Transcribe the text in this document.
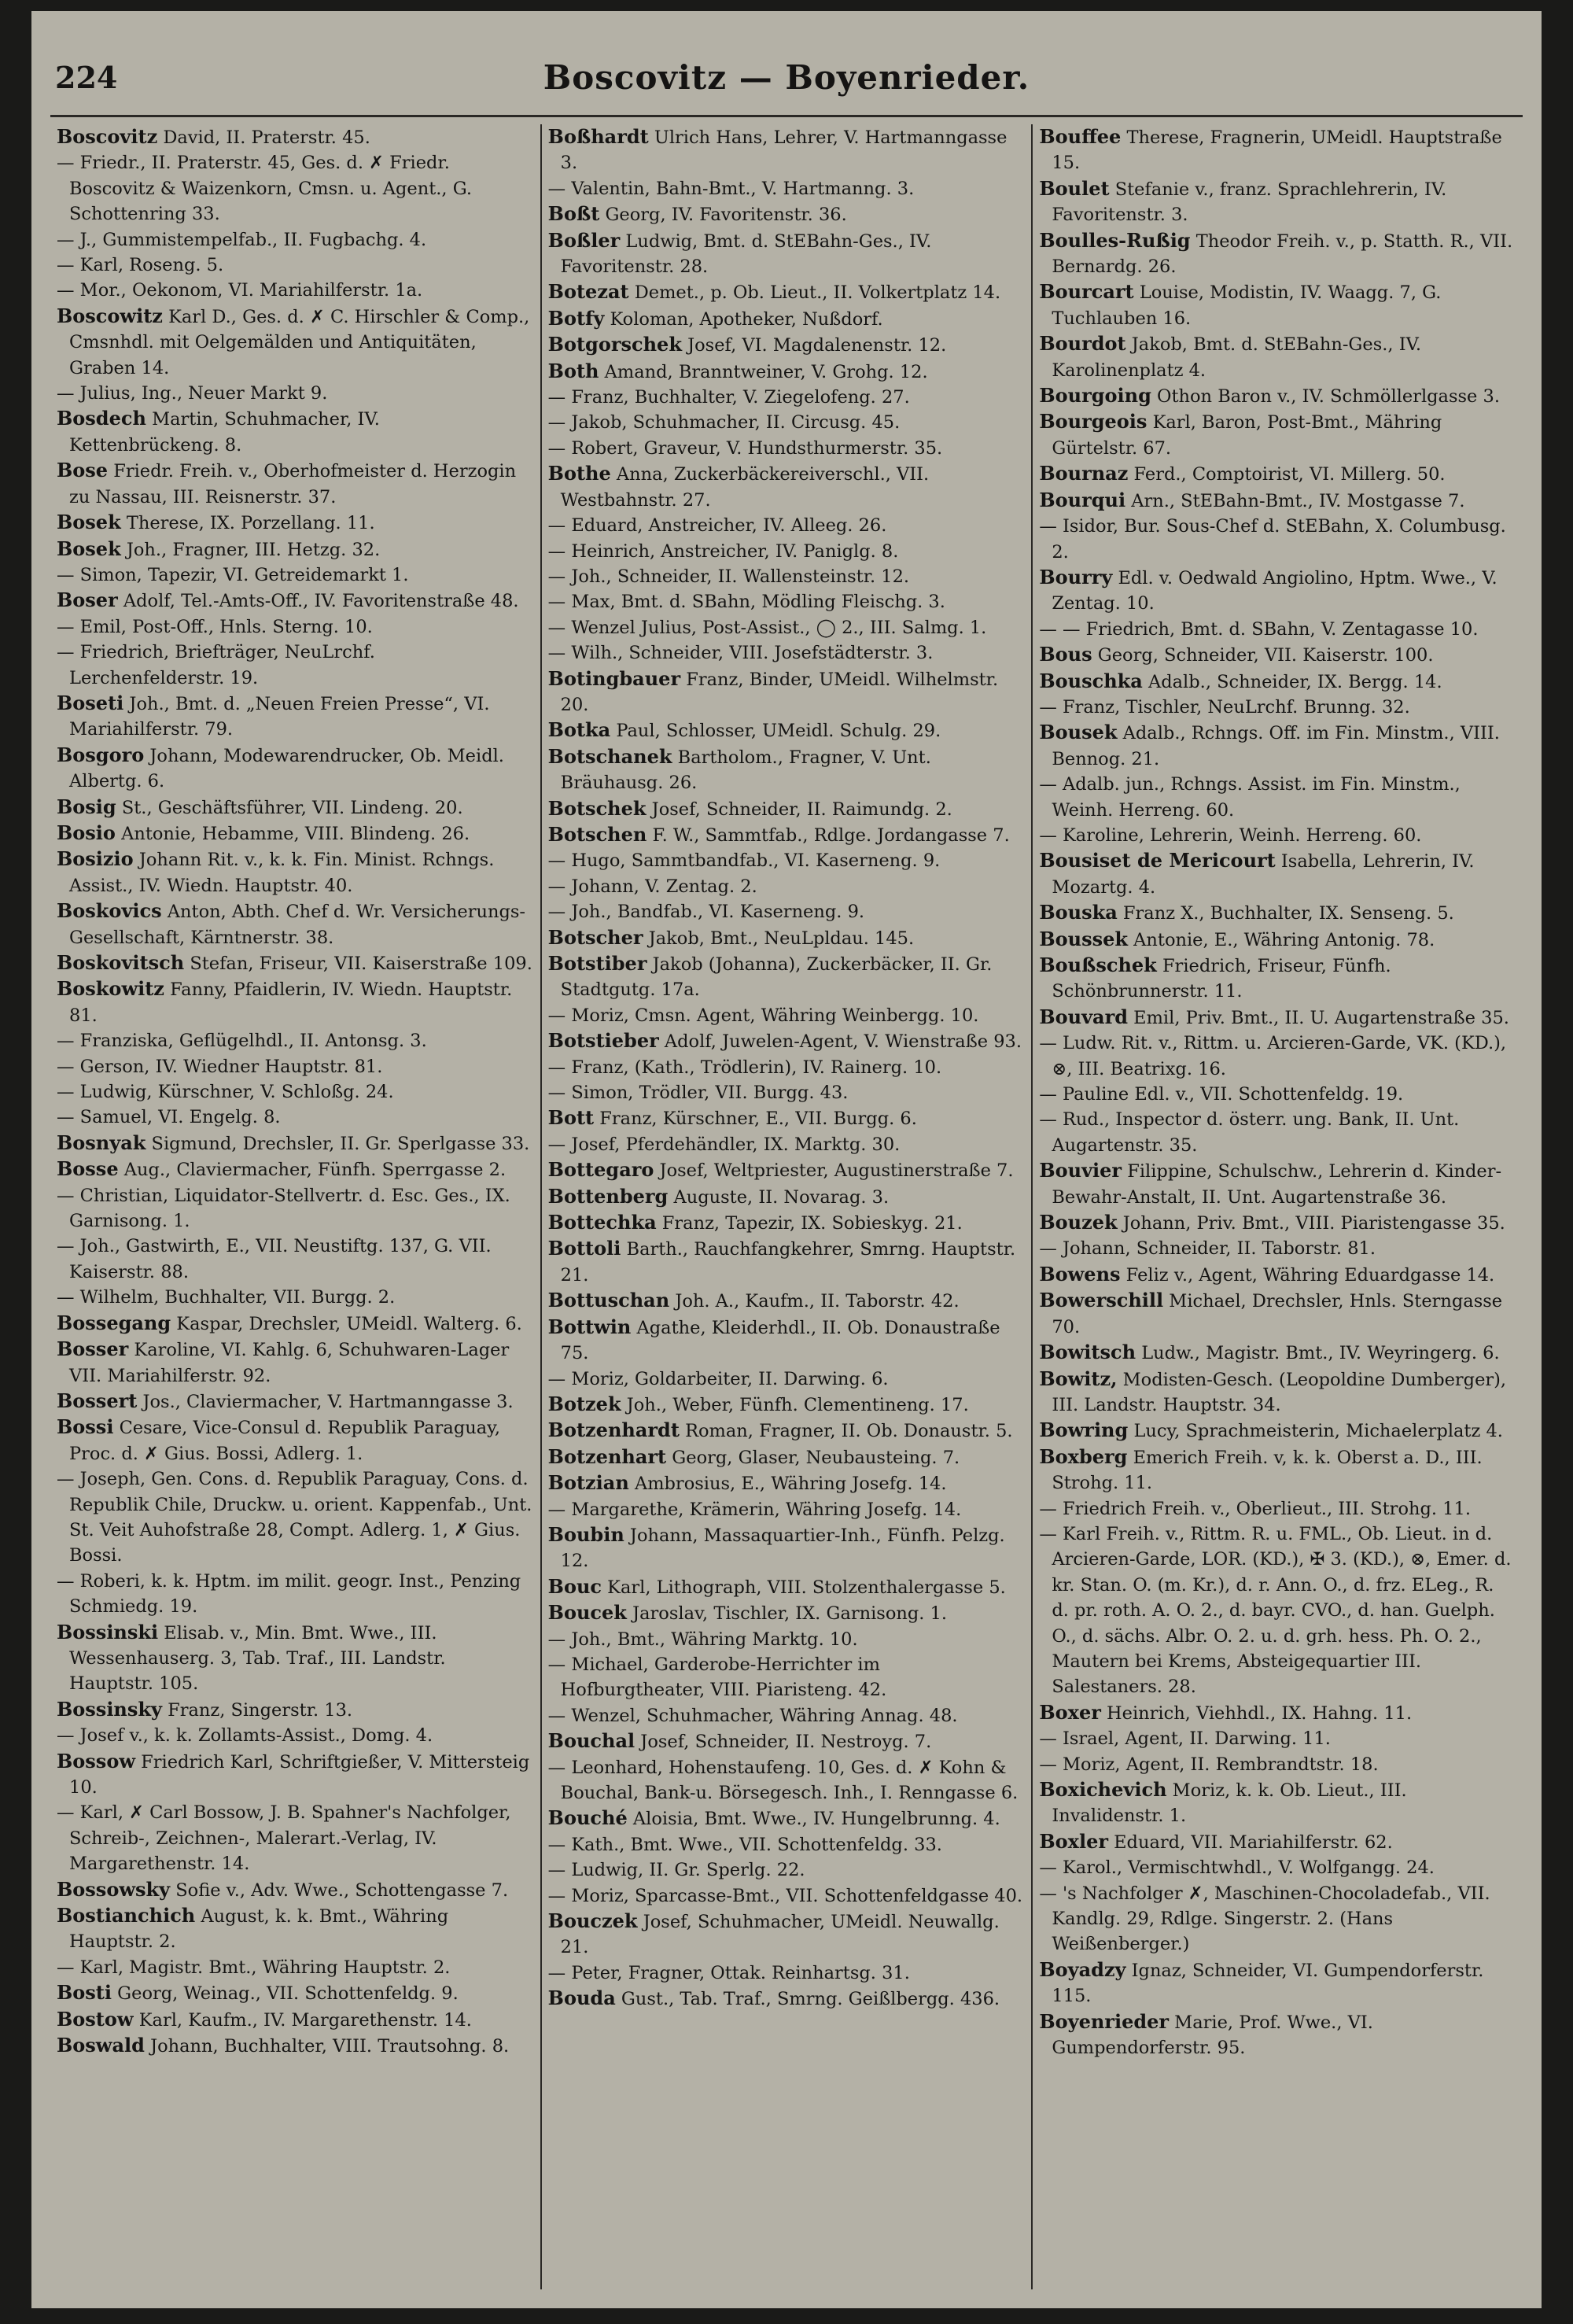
224	Boscovitz — Boyenrieder.
Boscovitz David, II. Praterstr. 45.
— Friedr., II. Praterstr. 45, Ges. d. ✗ Friedr. Boscovitz & Waizenkorn, Cmsn. u. Agent., G. Schottenring 33.
— J., Gummistempelfab., II. Fugbachg. 4.
— Karl, Roseng. 5.
— Mor., Oekonom, VI. Mariahilferstr. 1a.
Boscowitz Karl D., Ges. d. ✗ C. Hirschler & Comp., Cmsnhdl. mit Oelgemälden und Antiquitäten, Graben 14.
— Julius, Ing., Neuer Markt 9.
Bosdech Martin, Schuhmacher, IV. Kettenbrückeng. 8.
Bose Friedr. Freih. v., Oberhofmeister d. Herzogin zu Nassau, III. Reisnerstr. 37.
Bosek Therese, IX. Porzellang. 11.
Bosek Joh., Fragner, III. Hetzg. 32.
— Simon, Tapezir, VI. Getreidemarkt 1.
Boser Adolf, Tel.-Amts-Off., IV. Favoritenstraße 48.
— Emil, Post-Off., Hnls. Sterng. 10.
— Friedrich, Briefträger, NeuLrchf. Lerchenfelderstr. 19.
Boseti Joh., Bmt. d. „Neuen Freien Presse“, VI. Mariahilferstr. 79.
Bosgoro Johann, Modewarendrucker, Ob. Meidl. Albertg. 6.
Bosig St., Geschäftsführer, VII. Lindeng. 20.
Bosio Antonie, Hebamme, VIII. Blindeng. 26.
Bosizio Johann Rit. v., k. k. Fin. Minist. Rchngs. Assist., IV. Wiedn. Hauptstr. 40.
Boskovics Anton, Abth. Chef d. Wr. Versicherungs-Gesellschaft, Kärntnerstr. 38.
Boskovitsch Stefan, Friseur, VII. Kaiserstraße 109.
Boskowitz Fanny, Pfaidlerin, IV. Wiedn. Hauptstr. 81.
— Franziska, Geflügelhdl., II. Antonsg. 3.
— Gerson, IV. Wiedner Hauptstr. 81.
— Ludwig, Kürschner, V. Schloßg. 24.
— Samuel, VI. Engelg. 8.
Bosnyak Sigmund, Drechsler, II. Gr. Sperlgasse 33.
Bosse Aug., Claviermacher, Fünfh. Sperrgasse 2.
— Christian, Liquidator-Stellvertr. d. Esc. Ges., IX. Garnisong. 1.
— Joh., Gastwirth, E., VII. Neustiftg. 137, G. VII. Kaiserstr. 88.
— Wilhelm, Buchhalter, VII. Burgg. 2.
Bossegang Kaspar, Drechsler, UMeidl. Walterg. 6.
Bosser Karoline, VI. Kahlg. 6, Schuhwaren-Lager VII. Mariahilferstr. 92.
Bossert Jos., Claviermacher, V. Hartmanngasse 3.
Bossi Cesare, Vice-Consul d. Republik Paraguay, Proc. d. ✗ Gius. Bossi, Adlerg. 1.
— Joseph, Gen. Cons. d. Republik Paraguay, Cons. d. Republik Chile, Druckw. u. orient. Kappenfab., Unt. St. Veit Auhofstraße 28, Compt. Adlerg. 1, ✗ Gius. Bossi.
— Roberi, k. k. Hptm. im milit. geogr. Inst., Penzing Schmiedg. 19.
Bossinski Elisab. v., Min. Bmt. Wwe., III. Wessenhauserg. 3, Tab. Traf., III. Landstr. Hauptstr. 105.
Bossinsky Franz, Singerstr. 13.
— Josef v., k. k. Zollamts-Assist., Domg. 4.
Bossow Friedrich Karl, Schriftgießer, V. Mittersteig 10.
— Karl, ✗ Carl Bossow, J. B. Spahner's Nachfolger, Schreib-, Zeichnen-, Malerart.-Verlag, IV. Margarethenstr. 14.
Bossowsky Sofie v., Adv. Wwe., Schottengasse 7.
Bostianchich August, k. k. Bmt., Währing Hauptstr. 2.
— Karl, Magistr. Bmt., Währing Hauptstr. 2.
Bosti Georg, Weinag., VII. Schottenfeldg. 9.
Bostow Karl, Kaufm., IV. Margarethenstr. 14.
Boswald Johann, Buchhalter, VIII. Trautsohng. 8.
Boßhardt Ulrich Hans, Lehrer, V. Hartmanngasse 3.
— Valentin, Bahn-Bmt., V. Hartmanng. 3.
Boßt Georg, IV. Favoritenstr. 36.
Boßler Ludwig, Bmt. d. StEBahn-Ges., IV. Favoritenstr. 28.
Botezat Demet., p. Ob. Lieut., II. Volkertplatz 14.
Botfy Koloman, Apotheker, Nußdorf.
Botgorschek Josef, VI. Magdalenenstr. 12.
Both Amand, Branntweiner, V. Grohg. 12.
— Franz, Buchhalter, V. Ziegelofeng. 27.
— Jakob, Schuhmacher, II. Circusg. 45.
— Robert, Graveur, V. Hundsthurmerstr. 35.
Bothe Anna, Zuckerbäckereiverschl., VII. Westbahnstr. 27.
— Eduard, Anstreicher, IV. Alleeg. 26.
— Heinrich, Anstreicher, IV. Paniglg. 8.
— Joh., Schneider, II. Wallensteinstr. 12.
— Max, Bmt. d. SBahn, Mödling Fleischg. 3.
— Wenzel Julius, Post-Assist., ◯ 2., III. Salmg. 1.
— Wilh., Schneider, VIII. Josefstädterstr. 3.
Botingbauer Franz, Binder, UMeidl. Wilhelmstr. 20.
Botka Paul, Schlosser, UMeidl. Schulg. 29.
Botschanek Bartholom., Fragner, V. Unt. Bräuhausg. 26.
Botschek Josef, Schneider, II. Raimundg. 2.
Botschen F. W., Sammtfab., Rdlge. Jordangasse 7.
— Hugo, Sammtbandfab., VI. Kaserneng. 9.
— Johann, V. Zentag. 2.
— Joh., Bandfab., VI. Kaserneng. 9.
Botscher Jakob, Bmt., NeuLpldau. 145.
Botstiber Jakob (Johanna), Zuckerbäcker, II. Gr. Stadtgutg. 17a.
— Moriz, Cmsn. Agent, Währing Weinbergg. 10.
Botstieber Adolf, Juwelen-Agent, V. Wienstraße 93.
— Franz, (Kath., Trödlerin), IV. Rainerg. 10.
— Simon, Trödler, VII. Burgg. 43.
Bott Franz, Kürschner, E., VII. Burgg. 6.
— Josef, Pferdehändler, IX. Marktg. 30.
Bottegaro Josef, Weltpriester, Augustinerstraße 7.
Bottenberg Auguste, II. Novarag. 3.
Bottechka Franz, Tapezir, IX. Sobieskyg. 21.
Bottoli Barth., Rauchfangkehrer, Smrng. Hauptstr. 21.
Bottuschan Joh. A., Kaufm., II. Taborstr. 42.
Bottwin Agathe, Kleiderhdl., II. Ob. Donaustraße 75.
— Moriz, Goldarbeiter, II. Darwing. 6.
Botzek Joh., Weber, Fünfh. Clementineng. 17.
Botzenhardt Roman, Fragner, II. Ob. Donaustr. 5.
Botzenhart Georg, Glaser, Neubausteing. 7.
Botzian Ambrosius, E., Währing Josefg. 14.
— Margarethe, Krämerin, Währing Josefg. 14.
Boubin Johann, Massaquartier-Inh., Fünfh. Pelzg. 12.
Bouc Karl, Lithograph, VIII. Stolzenthalergasse 5.
Boucek Jaroslav, Tischler, IX. Garnisong. 1.
— Joh., Bmt., Währing Marktg. 10.
— Michael, Garderobe-Herrichter im Hofburgtheater, VIII. Piaristeng. 42.
— Wenzel, Schuhmacher, Währing Annag. 48.
Bouchal Josef, Schneider, II. Nestroyg. 7.
— Leonhard, Hohenstaufeng. 10, Ges. d. ✗ Kohn & Bouchal, Bank-u. Börsegesch. Inh., I. Renngasse 6.
Bouché Aloisia, Bmt. Wwe., IV. Hungelbrunng. 4.
— Kath., Bmt. Wwe., VII. Schottenfeldg. 33.
— Ludwig, II. Gr. Sperlg. 22.
— Moriz, Sparcasse-Bmt., VII. Schottenfeldgasse 40.
Bouczek Josef, Schuhmacher, UMeidl. Neuwallg. 21.
— Peter, Fragner, Ottak. Reinhartsg. 31.
Bouda Gust., Tab. Traf., Smrng. Geißlbergg. 436.
Bouffee Therese, Fragnerin, UMeidl. Hauptstraße 15.
Boulet Stefanie v., franz. Sprachlehrerin, IV. Favoritenstr. 3.
Boulles-Rußig Theodor Freih. v., p. Statth. R., VII. Bernardg. 26.
Bourcart Louise, Modistin, IV. Waagg. 7, G. Tuchlauben 16.
Bourdot Jakob, Bmt. d. StEBahn-Ges., IV. Karolinenplatz 4.
Bourgoing Othon Baron v., IV. Schmöllerlgasse 3.
Bourgeois Karl, Baron, Post-Bmt., Mähring Gürtelstr. 67.
Bournaz Ferd., Comptoirist, VI. Millerg. 50.
Bourqui Arn., StEBahn-Bmt., IV. Mostgasse 7.
— Isidor, Bur. Sous-Chef d. StEBahn, X. Columbusg. 2.
Bourry Edl. v. Oedwald Angiolino, Hptm. Wwe., V. Zentag. 10.
— — Friedrich, Bmt. d. SBahn, V. Zentagasse 10.
Bous Georg, Schneider, VII. Kaiserstr. 100.
Bouschka Adalb., Schneider, IX. Bergg. 14.
— Franz, Tischler, NeuLrchf. Brunng. 32.
Bousek Adalb., Rchngs. Off. im Fin. Minstm., VIII. Bennog. 21.
— Adalb. jun., Rchngs. Assist. im Fin. Minstm., Weinh. Herreng. 60.
— Karoline, Lehrerin, Weinh. Herreng. 60.
Bousiset de Mericourt Isabella, Lehrerin, IV. Mozartg. 4.
Bouska Franz X., Buchhalter, IX. Senseng. 5.
Boussek Antonie, E., Währing Antonig. 78.
Boußschek Friedrich, Friseur, Fünfh. Schönbrunnerstr. 11.
Bouvard Emil, Priv. Bmt., II. U. Augartenstraße 35.
— Ludw. Rit. v., Rittm. u. Arcieren-Garde, VK. (KD.), ⊗, III. Beatrixg. 16.
— Pauline Edl. v., VII. Schottenfeldg. 19.
— Rud., Inspector d. österr. ung. Bank, II. Unt. Augartenstr. 35.
Bouvier Filippine, Schulschw., Lehrerin d. Kinder-Bewahr-Anstalt, II. Unt. Augartenstraße 36.
Bouzek Johann, Priv. Bmt., VIII. Piaristengasse 35.
— Johann, Schneider, II. Taborstr. 81.
Bowens Feliz v., Agent, Währing Eduardgasse 14.
Bowerschill Michael, Drechsler, Hnls. Sterngasse 70.
Bowitsch Ludw., Magistr. Bmt., IV. Weyringerg. 6.
Bowitz, Modisten-Gesch. (Leopoldine Dumberger), III. Landstr. Hauptstr. 34.
Bowring Lucy, Sprachmeisterin, Michaelerplatz 4.
Boxberg Emerich Freih. v, k. k. Oberst a. D., III. Strohg. 11.
— Friedrich Freih. v., Oberlieut., III. Strohg. 11.
— Karl Freih. v., Rittm. R. u. FML., Ob. Lieut. in d. Arcieren-Garde, LOR. (KD.), ✠ 3. (KD.), ⊗, Emer. d. kr. Stan. O. (m. Kr.), d. r. Ann. O., d. frz. ELeg., R. d. pr. roth. A. O. 2., d. bayr. CVO., d. han. Guelph. O., d. sächs. Albr. O. 2. u. d. grh. hess. Ph. O. 2., Mautern bei Krems, Absteigequartier III. Salestaners. 28.
Boxer Heinrich, Viehhdl., IX. Hahng. 11.
— Israel, Agent, II. Darwing. 11.
— Moriz, Agent, II. Rembrandtstr. 18.
Boxichevich Moriz, k. k. Ob. Lieut., III. Invalidenstr. 1.
Boxler Eduard, VII. Mariahilferstr. 62.
— Karol., Vermischtwhdl., V. Wolfgangg. 24.
— 's Nachfolger ✗, Maschinen-Chocoladefab., VII. Kandlg. 29, Rdlge. Singerstr. 2. (Hans Weißenberger.)
Boyadzy Ignaz, Schneider, VI. Gumpendorferstr. 115.
Boyenrieder Marie, Prof. Wwe., VI. Gumpendorferstr. 95.
